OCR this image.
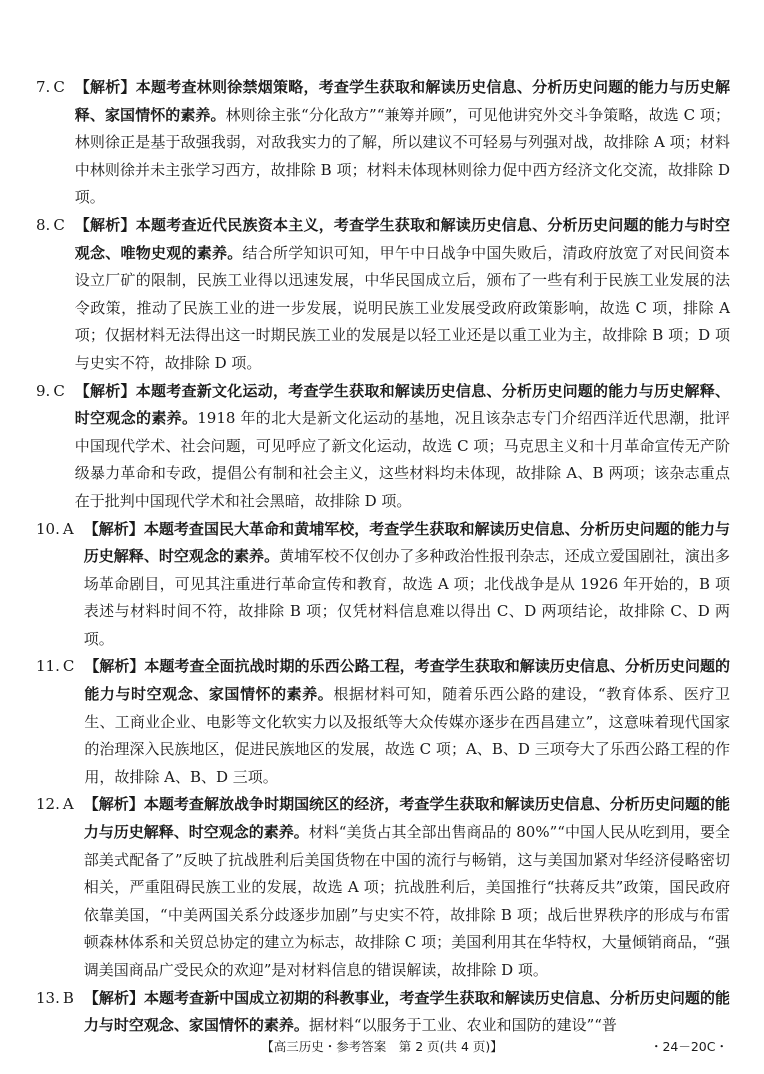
7. C 【解析】本题考查林则徐禁烟策略，考查学生获取和解读历史信息、分析历史问题的能力与历史解释、家国情怀的素养。林则徐主张“分化敌方”“兼筹并顾”，可见他讲究外交斗争策略，故选 C 项；林则徐正是基于敌强我弱，对敌我实力的了解，所以建议不可轻易与列强对战，故排除 A 项；材料中林则徐并未主张学习西方，故排除 B 项；材料未体现林则徐力促中西方经济文化交流，故排除 D 项。
8. C 【解析】本题考查近代民族资本主义，考查学生获取和解读历史信息、分析历史问题的能力与时空观念、唯物史观的素养。结合所学知识可知，甲午中日战争中国失败后，清政府放宽了对民间资本设立厂矿的限制，民族工业得以迅速发展，中华民国成立后，颁布了一些有利于民族工业发展的法令政策，推动了民族工业的进一步发展，说明民族工业发展受政府政策影响，故选 C 项，排除 A 项；仅据材料无法得出这一时期民族工业的发展是以轻工业还是以重工业为主，故排除 B 项；D 项与史实不符，故排除 D 项。
9. C 【解析】本题考查新文化运动，考查学生获取和解读历史信息、分析历史问题的能力与历史解释、时空观念的素养。1918 年的北大是新文化运动的基地，况且该杂志专门介绍西洋近代思潮，批评中国现代学术、社会问题，可见呼应了新文化运动，故选 C 项；马克思主义和十月革命宣传无产阶级暴力革命和专政，提倡公有制和社会主义，这些材料均未体现，故排除 A、B 两项；该杂志重点在于批判中国现代学术和社会黑暗，故排除 D 项。
10. A 【解析】本题考查国民大革命和黄埔军校，考查学生获取和解读历史信息、分析历史问题的能力与历史解释、时空观念的素养。黄埔军校不仅创办了多种政治性报刊杂志，还成立爱国剧社，演出多场革命剧目，可见其注重进行革命宣传和教育，故选 A 项；北伐战争是从 1926 年开始的，B 项表述与材料时间不符，故排除 B 项；仅凭材料信息难以得出 C、D 两项结论，故排除 C、D 两项。
11. C 【解析】本题考查全面抗战时期的乐西公路工程，考查学生获取和解读历史信息、分析历史问题的能力与时空观念、家国情怀的素养。根据材料可知，随着乐西公路的建设，“教育体系、医疗卫生、工商业企业、电影等文化软实力以及报纸等大众传媒亦逐步在西昌建立”，这意味着现代国家的治理深入民族地区，促进民族地区的发展，故选 C 项；A、B、D 三项夸大了乐西公路工程的作用，故排除 A、B、D 三项。
12. A 【解析】本题考查解放战争时期国统区的经济，考查学生获取和解读历史信息、分析历史问题的能力与历史解释、时空观念的素养。材料“美货占其全部出售商品的 80%”“中国人民从吃到用，要全部美式配备了”反映了抗战胜利后美国货物在中国的流行与畅销，这与美国加紧对华经济侵略密切相关，严重阻碍民族工业的发展，故选 A 项；抗战胜利后，美国推行“扶蒋反共”政策，国民政府依靠美国，“中美两国关系分歧逐步加剧”与史实不符，故排除 B 项；战后世界秩序的形成与布雷顿森林体系和关贸总协定的建立为标志，故排除 C 项；美国利用其在华特权，大量倾销商品，“强调美国商品广受民众的欢迎”是对材料信息的错误解读，故排除 D 项。
13. B 【解析】本题考查新中国成立初期的科教事业，考查学生获取和解读历史信息、分析历史问题的能力与时空观念、家国情怀的素养。据材料“以服务于工业、农业和国防的建设”“普
【高三历史・参考答案　第 2 页(共 4 页)】	・24－20C・
